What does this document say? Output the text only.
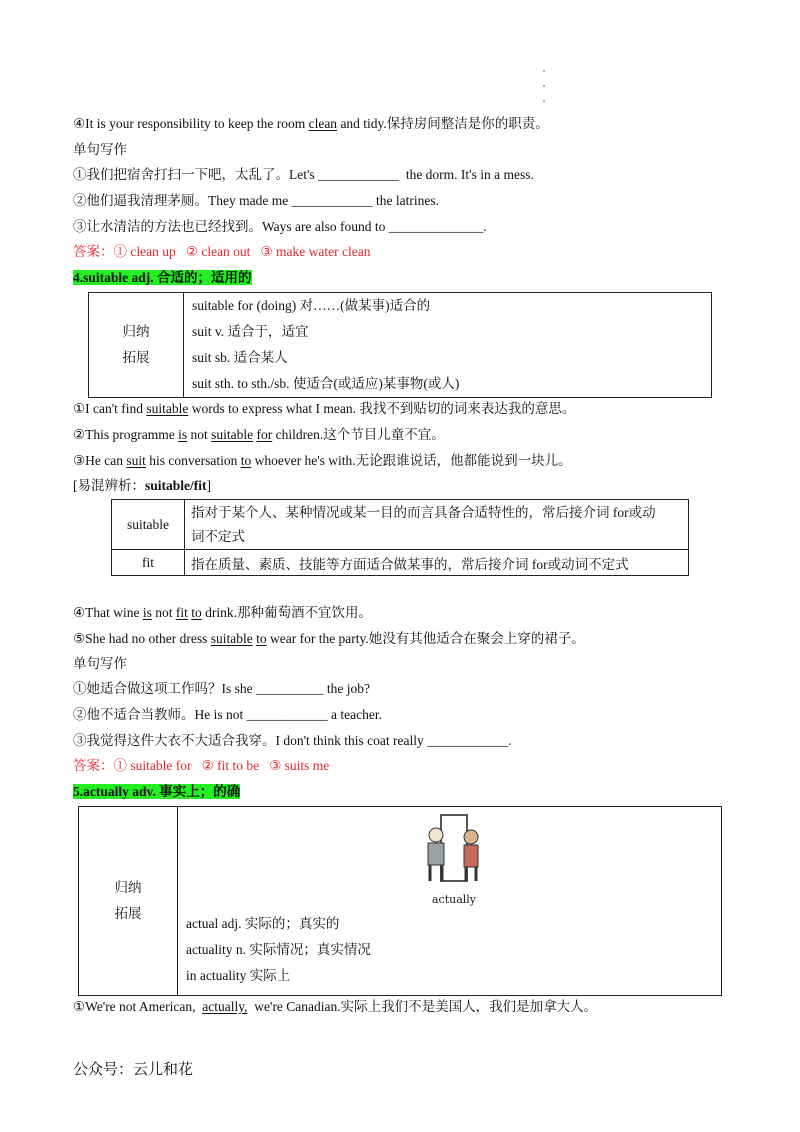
④It is your responsibility to keep the room clean and tidy.保持房间整洁是你的职责。
单句写作
①我们把宿舍打扫一下吧，太乱了。Let's ____________  the dorm. It's in a mess.
②他们逼我清理茅厕。They made me ____________ the latrines.
③让水清洁的方法也已经找到。Ways are also found to ______________.
答案：① clean up   ② clean out   ③ make water clean
4.suitable adj. 合适的；适用的
归纳
拓展

suitable for (doing) 对……(做某事)适合的
suit v. 适合于，适宜
suit sb. 适合某人
suit sth. to sth./sb. 使适合(或适应)某事物(或人)
①I can't find suitable words to express what I mean. 我找不到贴切的词来表达我的意思。
②This programme is not suitable for children.这个节目儿童不宜。
③He can suit his conversation to whoever he's with.无论跟谁说话，他都能说到一块儿。
[易混辨析：suitable/fit]
suitable	指对于某个人、某种情况或某一目的而言具备合适特性的，常后接介词 for或动
词不定式

fit	指在质量、素质、技能等方面适合做某事的，常后接介词 for或动词不定式
④That wine is not fit to drink.那种葡萄酒不宜饮用。
⑤She had no other dress suitable to wear for the party.她没有其他适合在聚会上穿的裙子。
单句写作
①她适合做这项工作吗？Is she __________ the job?
②他不适合当教师。He is not ____________ a teacher.
③我觉得这件大衣不大适合我穿。I don't think this coat really ____________.
答案：① suitable for   ② fit to be   ③ suits me
5.actually adv. 事实上；的确
归纳
拓展

actually
actual adj. 实际的；真实的
actuality n. 实际情况；真实情况
in actuality 实际上
①We're not American,  actually,  we're Canadian.实际上我们不是美国人，我们是加拿大人。
公众号：云儿和花
